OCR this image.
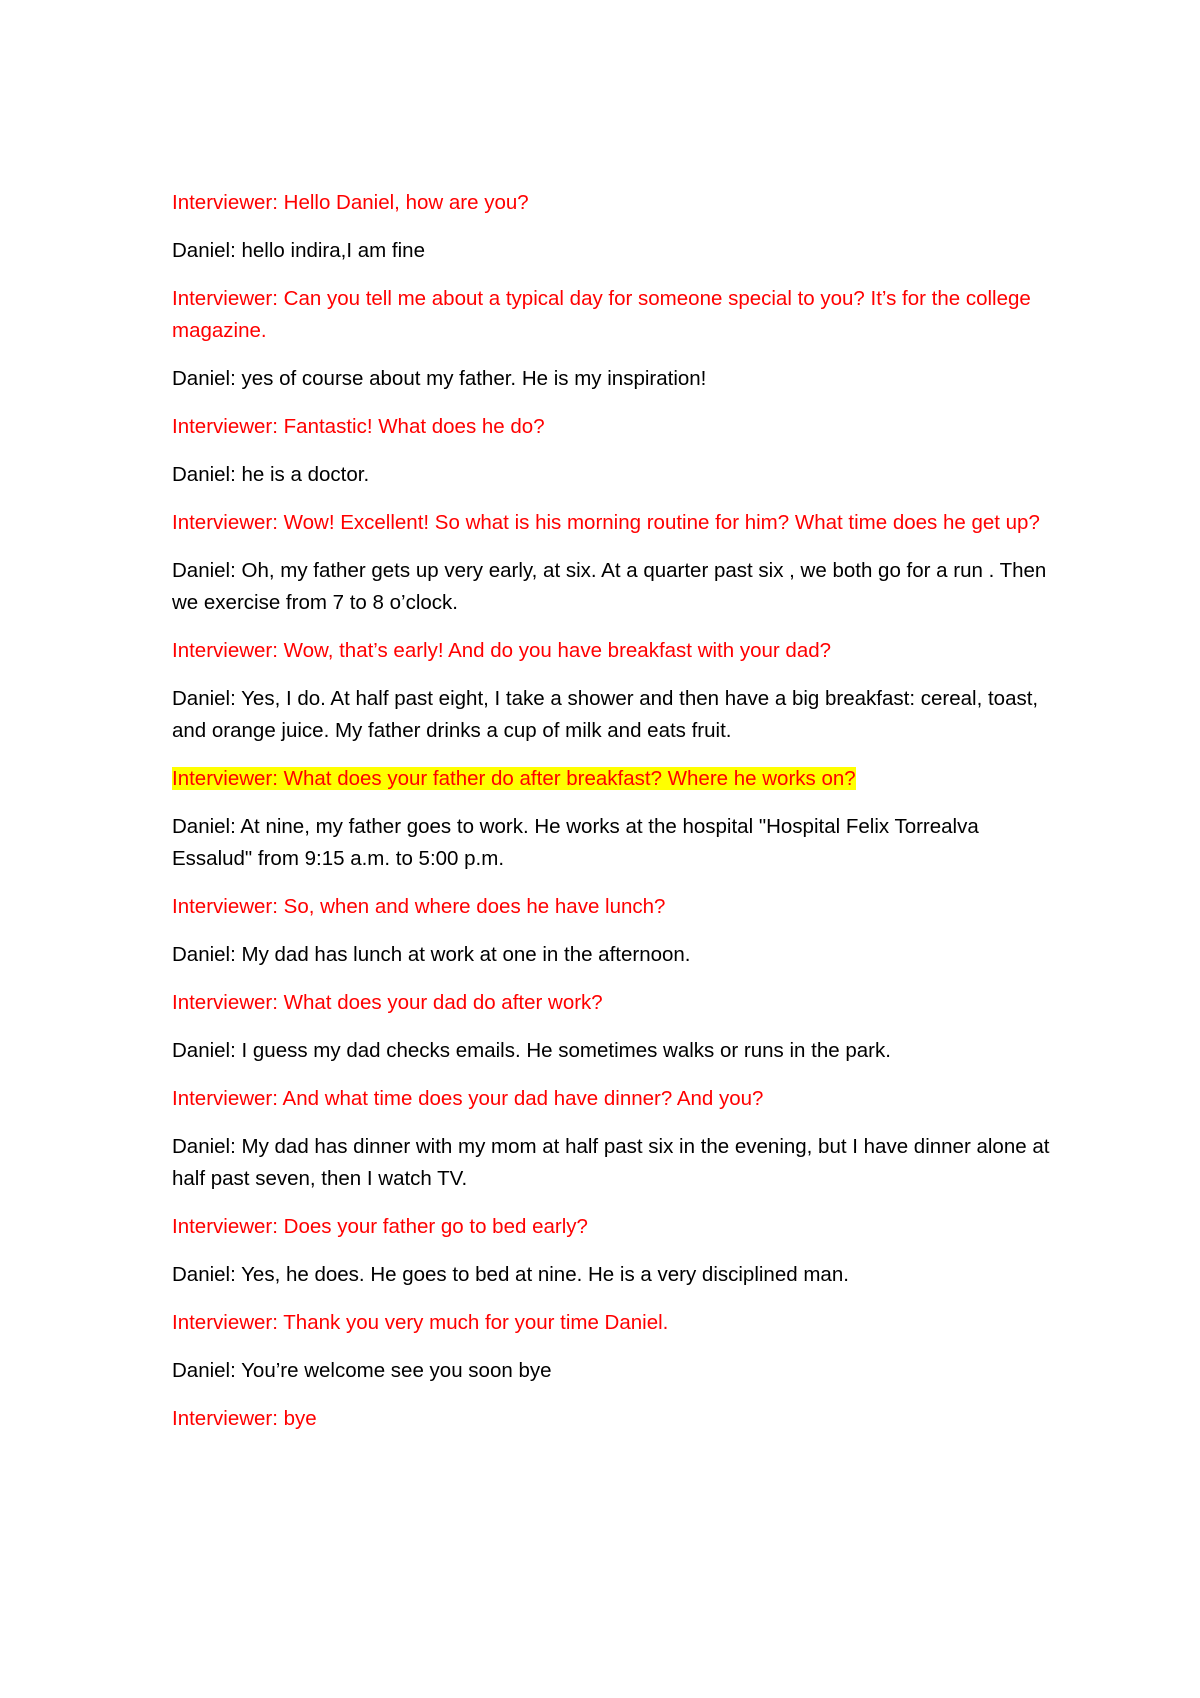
Interviewer: Hello Daniel, how are you?

Daniel: hello indira,I am fine

Interviewer: Can you tell me about a typical day for someone special to you? It’s for the college magazine.

Daniel: yes of course about my father. He is my inspiration!

Interviewer: Fantastic! What does he do?

Daniel: he is a doctor.

Interviewer: Wow! Excellent! So what is his morning routine for him? What time does he get up?

Daniel: Oh, my father gets up very early, at six. At a quarter past six , we both go for a run . Then we exercise from 7 to 8 o’clock.

Interviewer: Wow, that’s early! And do you have breakfast with your dad?

Daniel: Yes, I do. At half past eight, I take a shower and then have a big breakfast: cereal, toast, and orange juice. My father drinks a cup of milk and eats fruit.

Interviewer: What does your father do after breakfast? Where he works on?

Daniel: At nine, my father goes to work. He works at the hospital "Hospital Felix Torrealva Essalud" from 9:15 a.m. to 5:00 p.m.

Interviewer: So, when and where does he have lunch?

Daniel: My dad has lunch at work at one in the afternoon.

Interviewer: What does your dad do after work?

Daniel: I guess my dad checks emails. He sometimes walks or runs in the park.

Interviewer: And what time does your dad have dinner? And you?

Daniel: My dad has dinner with my mom at half past six in the evening, but I have dinner alone at half past seven, then I watch TV.

Interviewer: Does your father go to bed early?

Daniel: Yes, he does. He goes to bed at nine. He is a very disciplined man.

Interviewer: Thank you very much for your time Daniel.

Daniel: You’re welcome see you soon bye

Interviewer: bye
